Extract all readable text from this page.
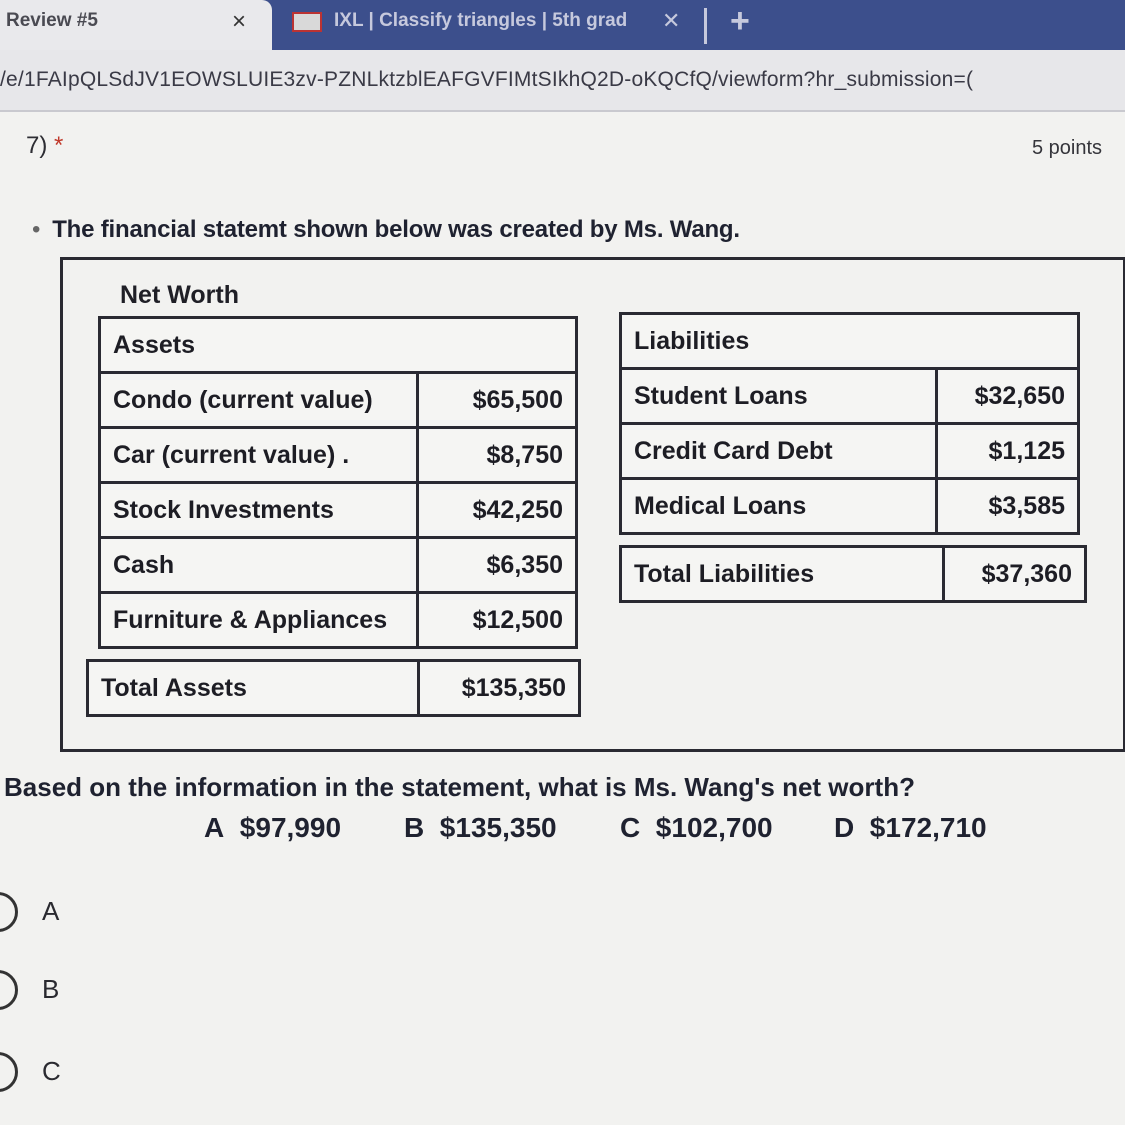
Review #5	×	IXL | Classify triangles | 5th grad ✕ +
/e/1FAIpQLSdJV1EOWSLUIE3zv-PZNLktzblEAFGVFIMtSIkhQ2D-oKQCfQ/viewform?hr_submission=(
7) *	5 points
• The financial statemt shown below was created by Ms. Wang.
Net Worth
Assets	
Condo (current value)	$65,500
Car (current value) .	$8,750
Stock Investments	$42,250
Cash	$6,350
Furniture & Appliances	$12,500
Total Assets	$135,350
Liabilities	
Student Loans	$32,650
Credit Card Debt	$1,125
Medical Loans	$3,585
Total Liabilities	$37,360
Based on the information in the statement, what is Ms. Wang's net worth?
A $97,990 B $135,350 C $102,700 D $172,710
A
B
C
